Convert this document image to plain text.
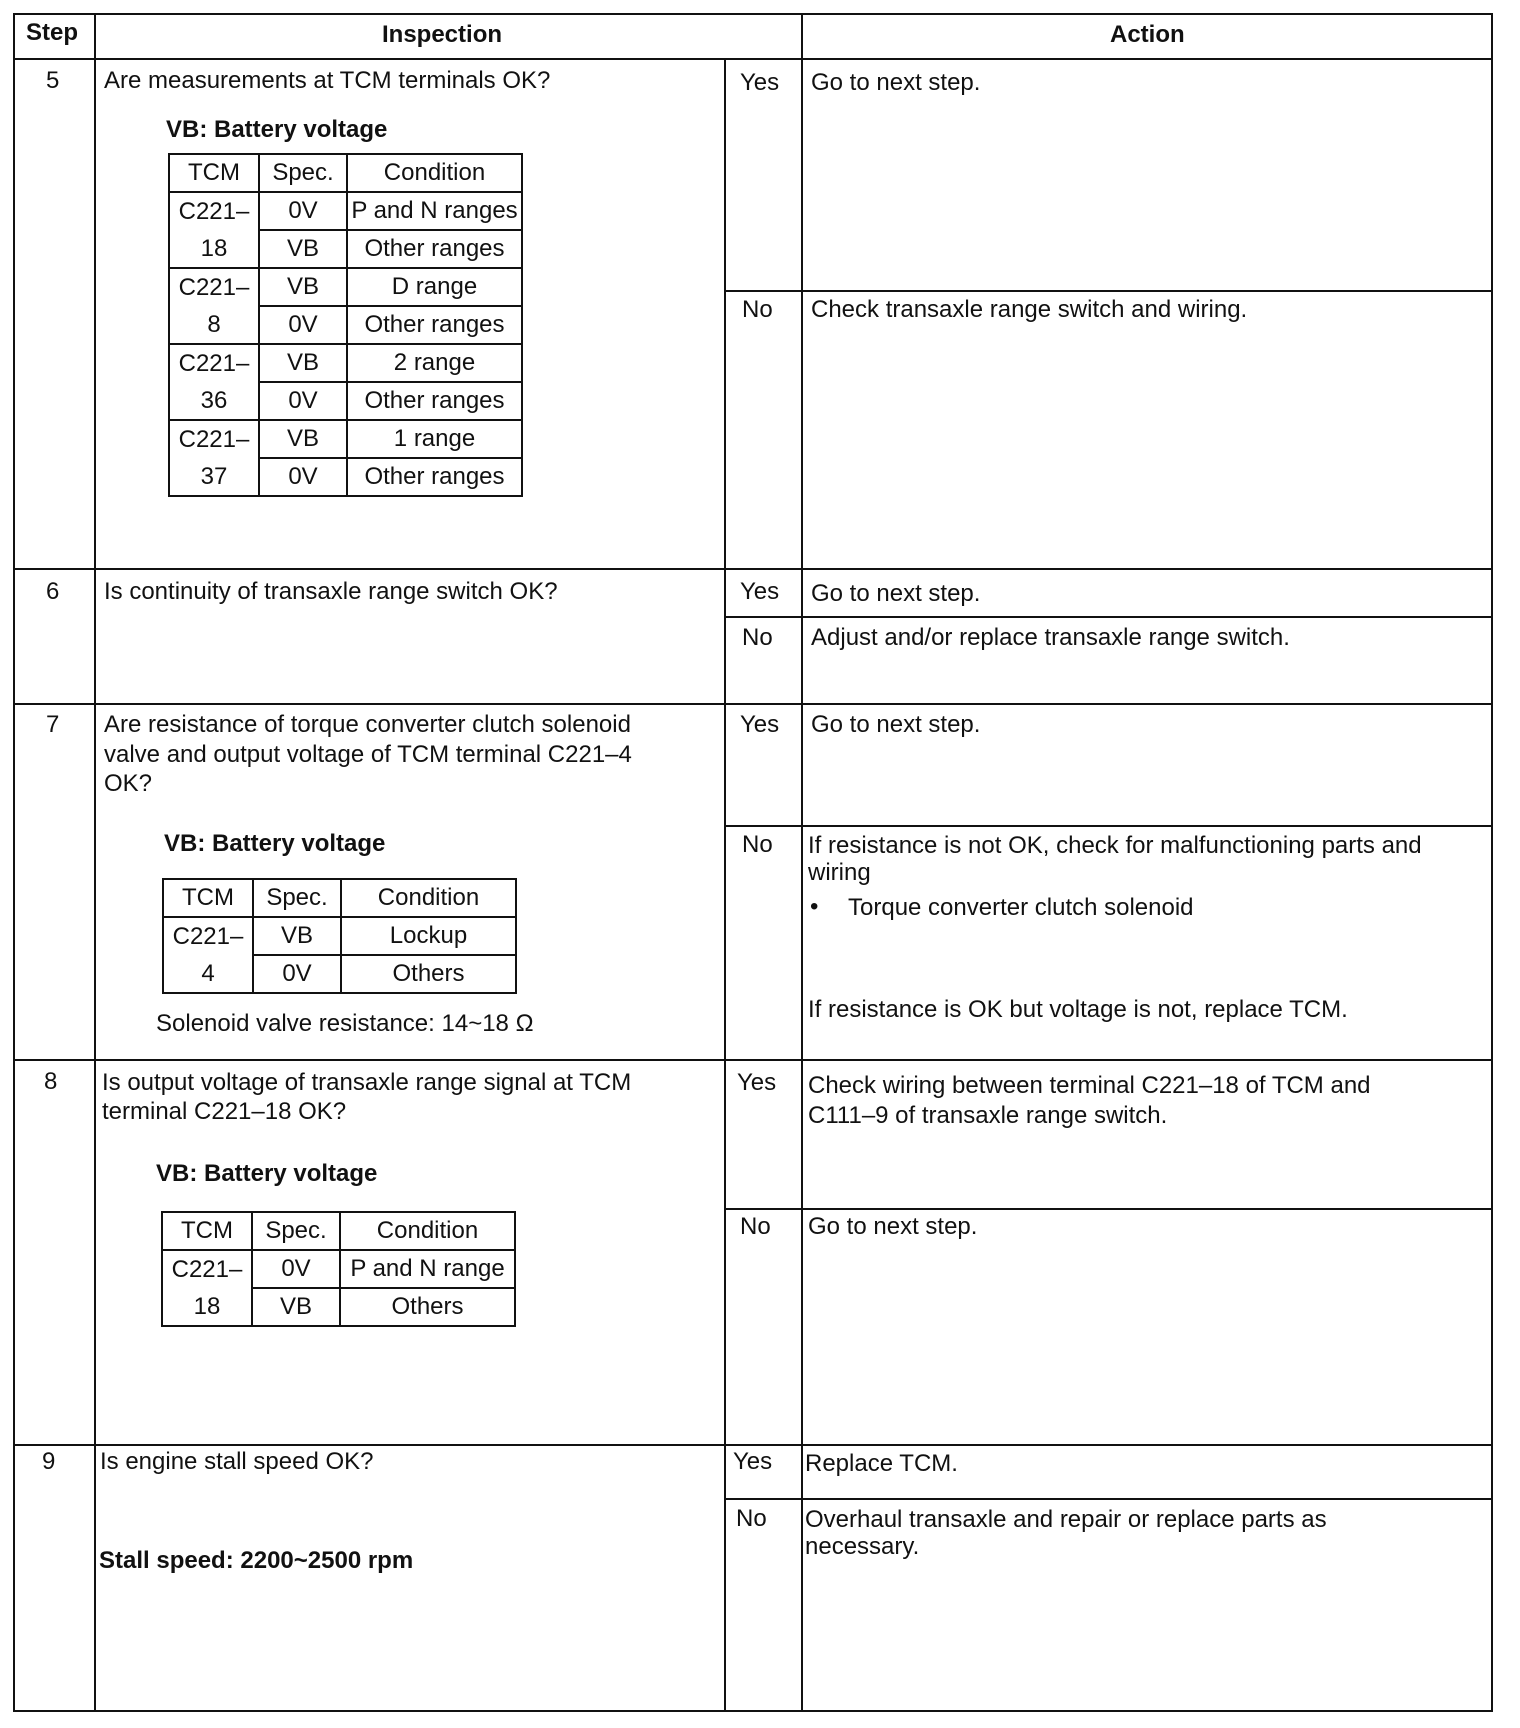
Step	Inspection	Action
5 Are measurements at TCM terminals OK?
VB: Battery voltage
TCM	Spec.	Condition
C221–	0V	P and N ranges
18	VB	Other ranges
C221–	VB	D range
8	0V	Other ranges
C221–	VB	2 range
36	0V	Other ranges
C221–	VB	1 range
37	0V	Other ranges
Yes Go to next step.
No Check transaxle range switch and wiring.
6 Is continuity of transaxle range switch OK?	Yes Go to next step.
No Adjust and/or replace transaxle range switch.
7 Are resistance of torque converter clutch solenoid
valve and output voltage of TCM terminal C221–4
OK?
VB: Battery voltage
TCM	Spec.	Condition
C221–	VB	Lockup
4	0V	Others
Solenoid valve resistance: 14~18 Ω
Yes Go to next step.
No If resistance is not OK, check for malfunctioning parts and
wiring
• Torque converter clutch solenoid
If resistance is OK but voltage is not, replace TCM.
8 Is output voltage of transaxle range signal at TCM
terminal C221–18 OK?
VB: Battery voltage
TCM	Spec.	Condition
C221–	0V	P and N range
18	VB	Others
Yes Check wiring between terminal C221–18 of TCM and
C111–9 of transaxle range switch.
No Go to next step.
9 Is engine stall speed OK?
Stall speed: 2200~2500 rpm
Yes Replace TCM.
No Overhaul transaxle and repair or replace parts as
necessary.
